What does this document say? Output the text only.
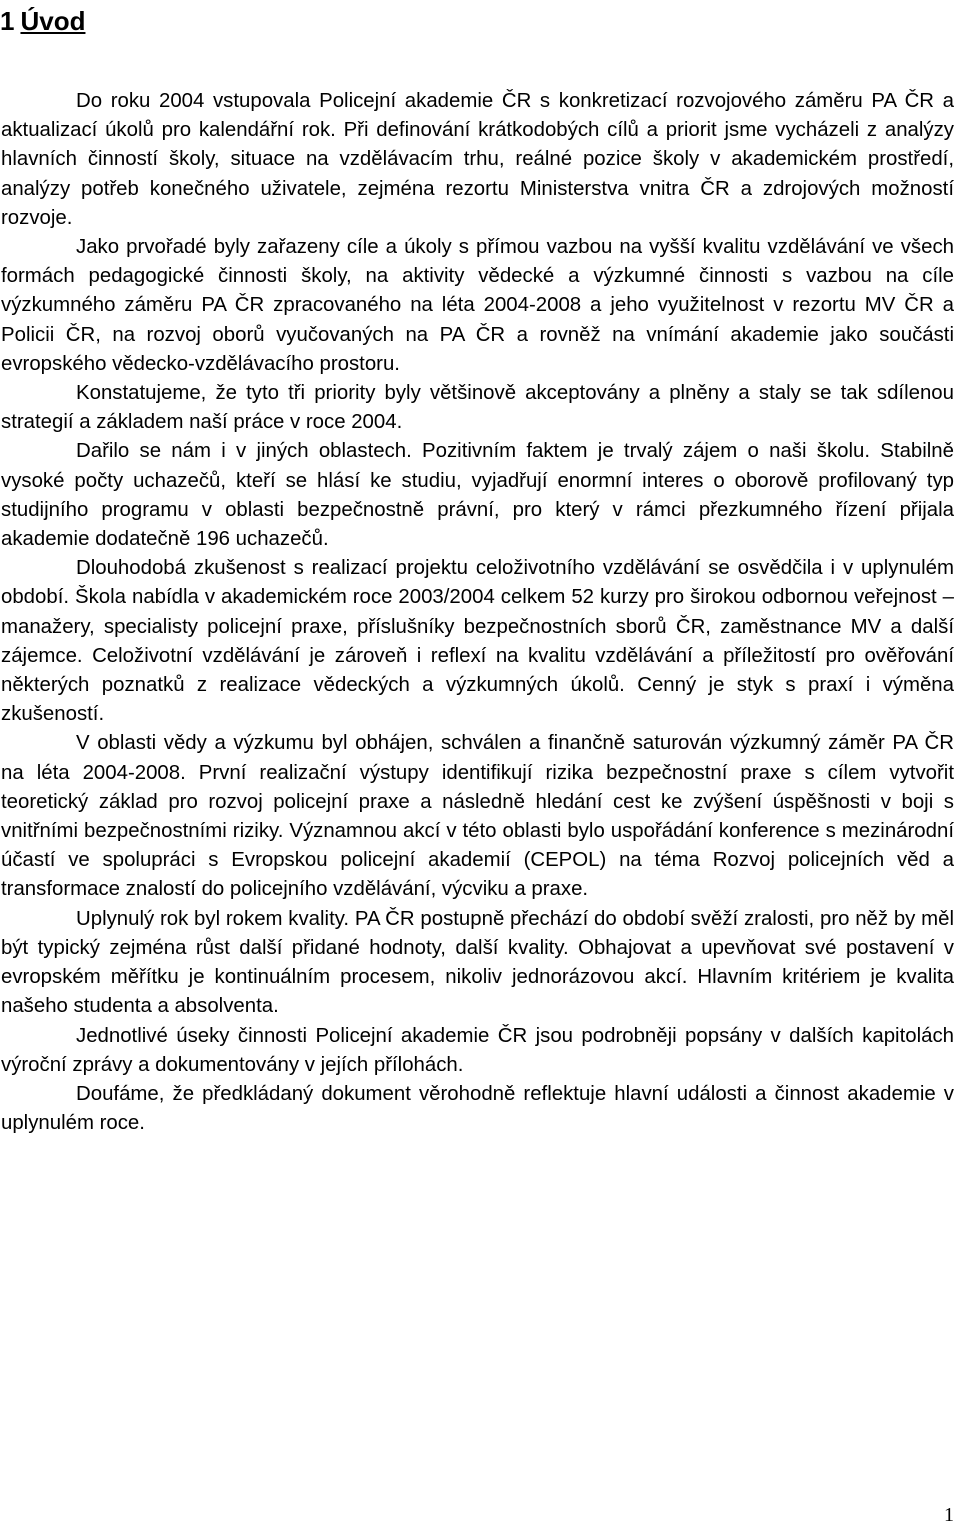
1 Úvod

Do roku 2004 vstupovala Policejní akademie ČR s konkretizací rozvojového záměru PA ČR a aktualizací úkolů pro kalendářní rok. Při definování krátkodobých cílů a priorit jsme vycházeli z analýzy hlavních činností školy, situace na vzdělávacím trhu, reálné pozice školy v akademickém prostředí, analýzy potřeb konečného uživatele, zejména rezortu Ministerstva vnitra ČR a zdrojových možností rozvoje.

Jako prvořadé byly zařazeny cíle a úkoly s přímou vazbou na vyšší kvalitu vzdělávání ve všech formách pedagogické činnosti školy, na aktivity vědecké a výzkumné činnosti s vazbou na cíle výzkumného záměru PA ČR zpracovaného na léta 2004-2008 a jeho využitelnost v rezortu MV ČR a Policii ČR, na rozvoj oborů vyučovaných na PA ČR a rovněž na vnímání akademie jako součásti evropského vědecko-vzdělávacího prostoru.

Konstatujeme, že tyto tři priority byly většinově akceptovány a plněny a staly se tak sdílenou strategií a základem naší práce v roce 2004.

Dařilo se nám i v jiných oblastech. Pozitivním faktem je trvalý zájem o naši školu. Stabilně vysoké počty uchazečů, kteří se hlásí ke studiu, vyjadřují enormní interes o oborově profilovaný typ studijního programu v oblasti bezpečnostně právní, pro který v rámci přezkumného řízení přijala akademie dodatečně 196 uchazečů.

Dlouhodobá zkušenost s realizací projektu celoživotního vzdělávání se osvědčila i v uplynulém období. Škola nabídla v akademickém roce 2003/2004 celkem 52 kurzy pro širokou odbornou veřejnost – manažery, specialisty policejní praxe, příslušníky bezpečnostních sborů ČR, zaměstnance MV a další zájemce. Celoživotní vzdělávání je zároveň i reflexí na kvalitu vzdělávání a příležitostí pro ověřování některých poznatků z realizace vědeckých a výzkumných úkolů. Cenný je styk s praxí i výměna zkušeností.

V oblasti vědy a výzkumu byl obhájen, schválen a finančně saturován výzkumný záměr PA ČR na léta 2004-2008. První realizační výstupy identifikují rizika bezpečnostní praxe s cílem vytvořit teoretický základ pro rozvoj policejní praxe a následně hledání cest ke zvýšení úspěšnosti v boji s vnitřními bezpečnostními riziky. Významnou akcí v této oblasti bylo uspořádání konference s mezinárodní účastí ve spolupráci s Evropskou policejní akademií (CEPOL) na téma Rozvoj policejních věd a transformace znalostí do policejního vzdělávání, výcviku a praxe.

Uplynulý rok byl rokem kvality. PA ČR postupně přechází do období svěží zralosti, pro něž by měl být typický zejména růst další přidané hodnoty, další kvality. Obhajovat a upevňovat své postavení v evropském měřítku je kontinuálním procesem, nikoliv jednorázovou akcí. Hlavním kritériem je kvalita našeho studenta a absolventa.

Jednotlivé úseky činnosti Policejní akademie ČR jsou podrobněji popsány v dalších kapitolách výroční zprávy a dokumentovány v jejích přílohách.

Doufáme, že předkládaný dokument věrohodně reflektuje hlavní události a činnost akademie v uplynulém roce.

1
